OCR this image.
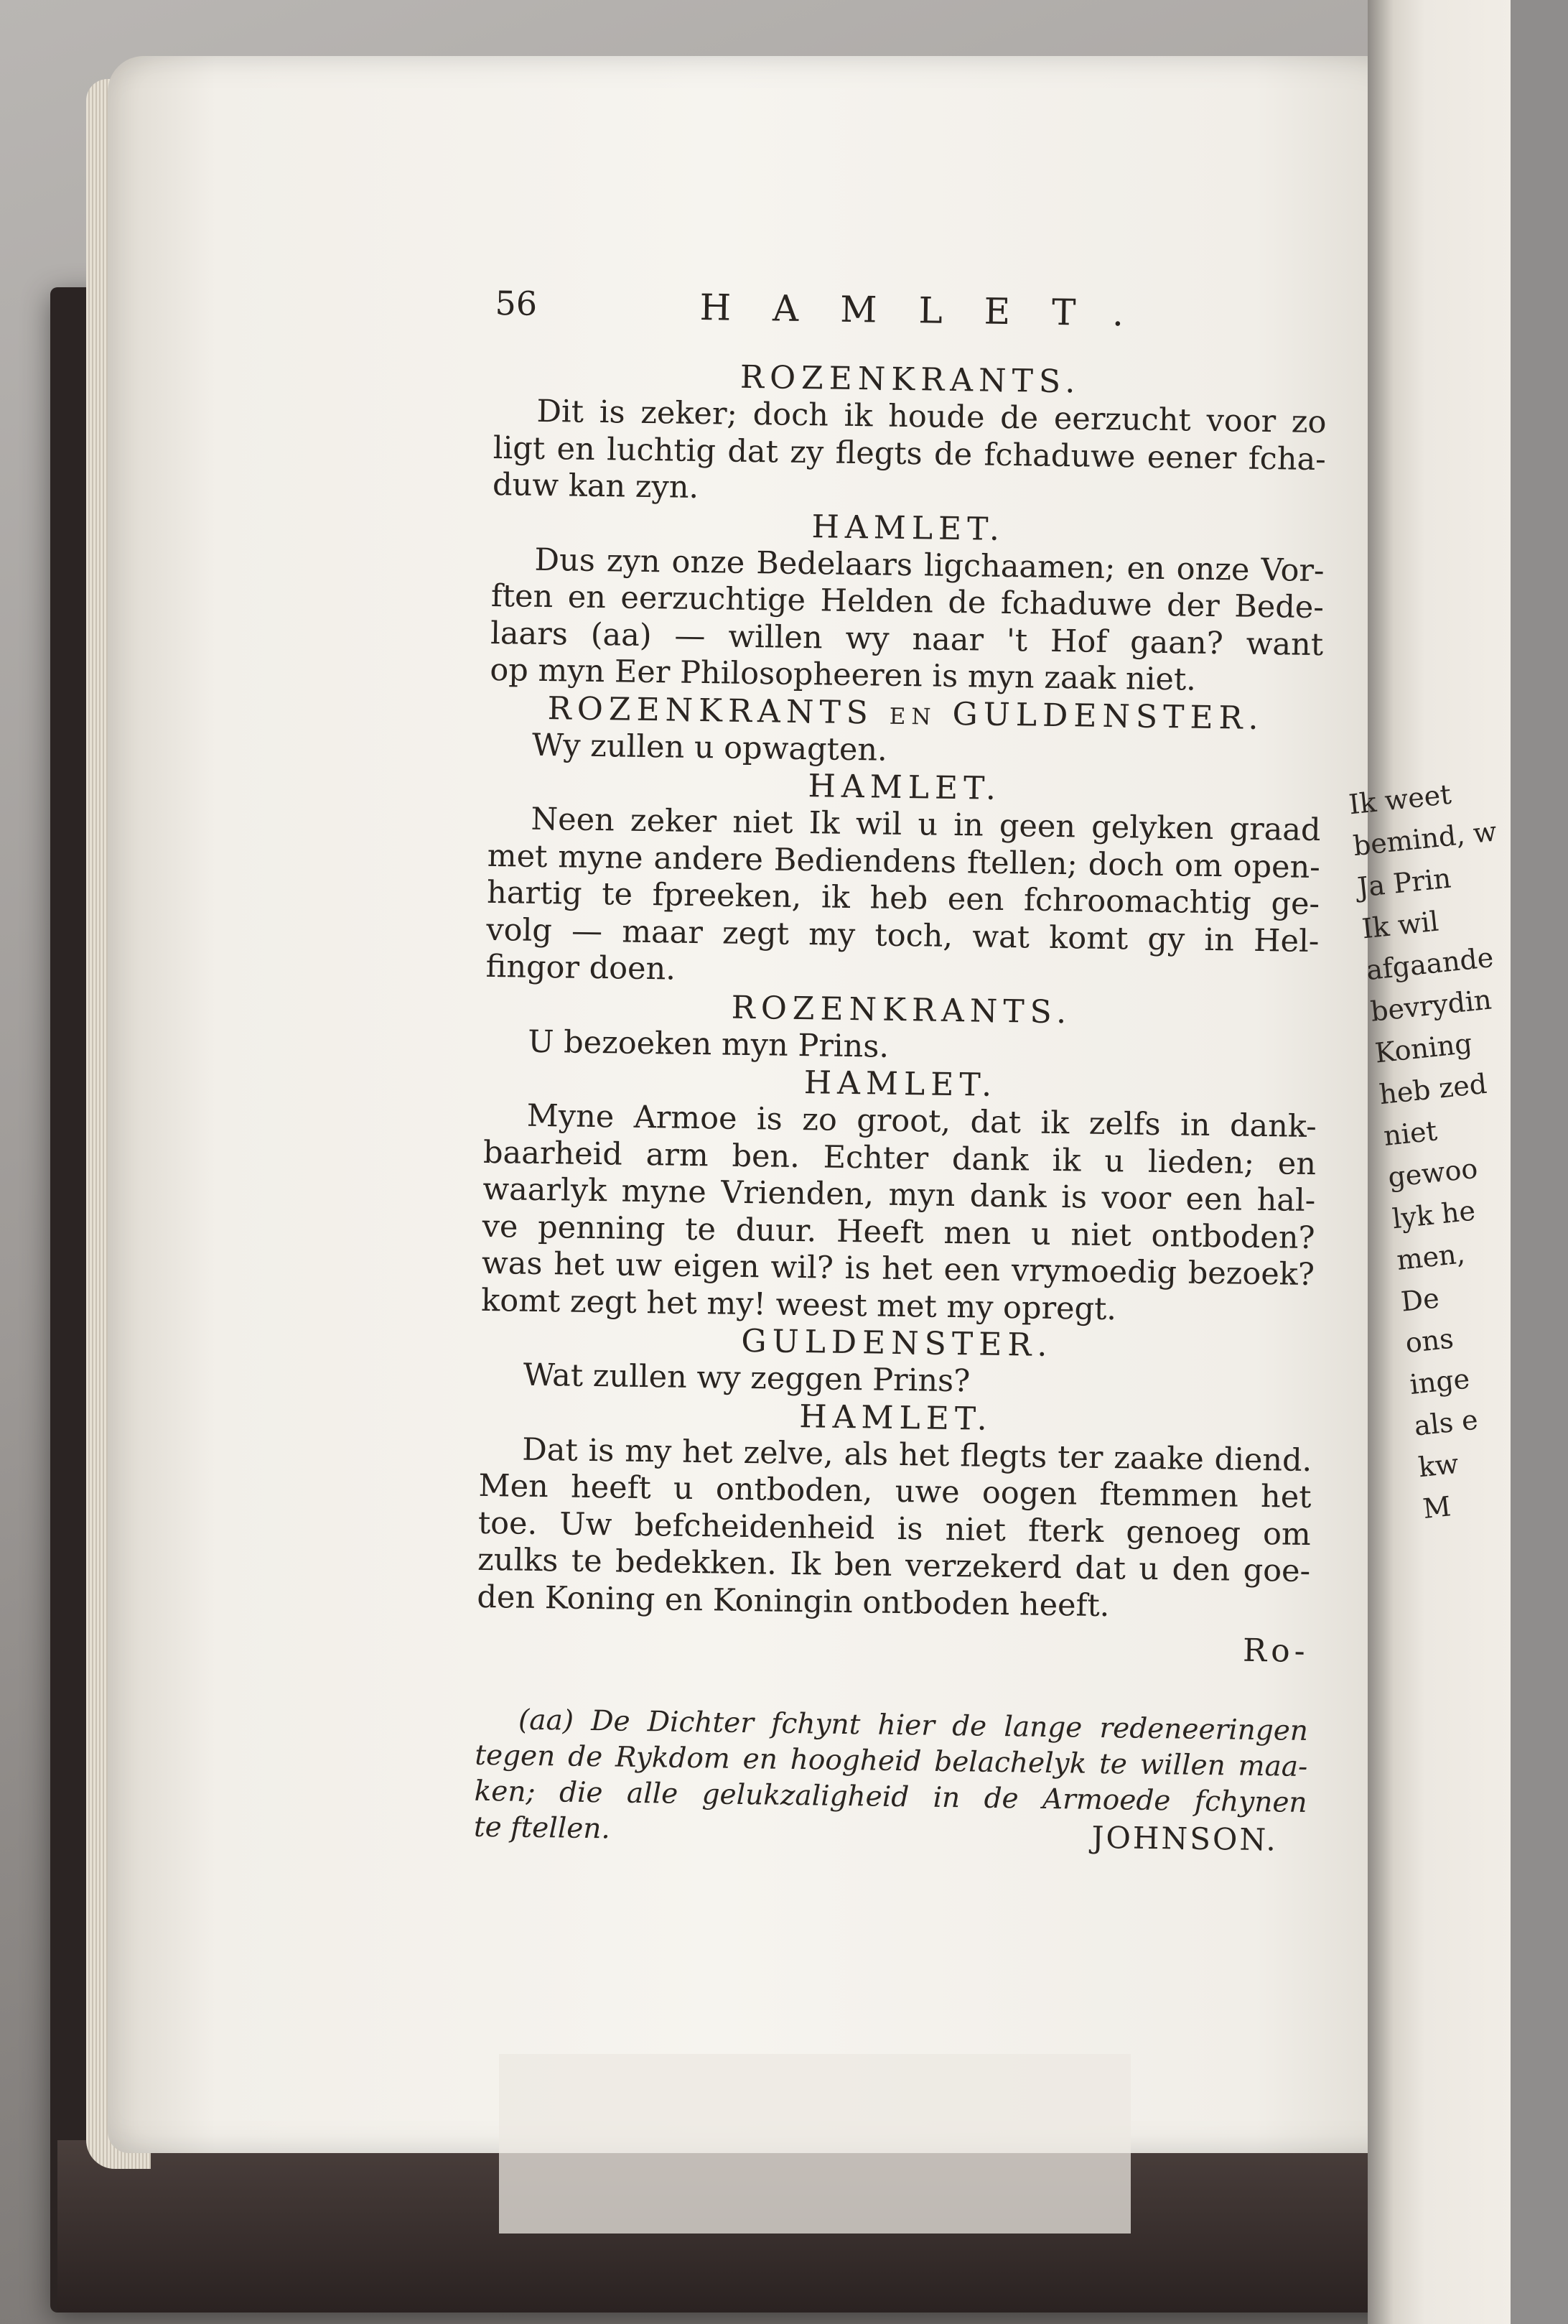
Ik weet
bemind, w
Ja Prin
Ik wil
afgaande
bevrydin
Koning
heb zed
niet
gewoo
lyk he
men,
De
ons
inge
als e
kw
M
56	HAMLET.

ROZENKRANTS.

Dit is zeker; doch ik houde de eerzucht voor zo
ligt en luchtig dat zy flegts de fchaduwe eener fcha-
duw kan zyn.

HAMLET.

Dus zyn onze Bedelaars ligchaamen; en onze Vor-
ften en eerzuchtige Helden de fchaduwe der Bede-
laars (aa) — willen wy naar 't Hof gaan? want
op myn Eer Philosopheeren is myn zaak niet.

ROZENKRANTS en GULDENSTER.

Wy zullen u opwagten.

HAMLET.

Neen zeker niet Ik wil u in geen gelyken graad
met myne andere Bediendens ftellen; doch om open-
hartig te fpreeken, ik heb een fchroomachtig ge-
volg — maar zegt my toch, wat komt gy in Hel-
fingor doen.

ROZENKRANTS.

U bezoeken myn Prins.

HAMLET.

Myne Armoe is zo groot, dat ik zelfs in dank-
baarheid arm ben. Echter dank ik u lieden; en
waarlyk myne Vrienden, myn dank is voor een hal-
ve penning te duur. Heeft men u niet ontboden?
was het uw eigen wil? is het een vrymoedig bezoek?
komt zegt het my! weest met my opregt.

GULDENSTER.

Wat zullen wy zeggen Prins?

HAMLET.

Dat is my het zelve, als het flegts ter zaake diend.
Men heeft u ontboden, uwe oogen ftemmen het
toe. Uw befcheidenheid is niet fterk genoeg om
zulks te bedekken. Ik ben verzekerd dat u den goe-
den Koning en Koningin ontboden heeft.

Ro-

(aa) De Dichter fchynt hier de lange redeneeringen
tegen de Rykdom en hoogheid belachelyk te willen maa-
ken; die alle gelukzaligheid in de Armoede fchynen
te ftellen.	JOHNSON.
